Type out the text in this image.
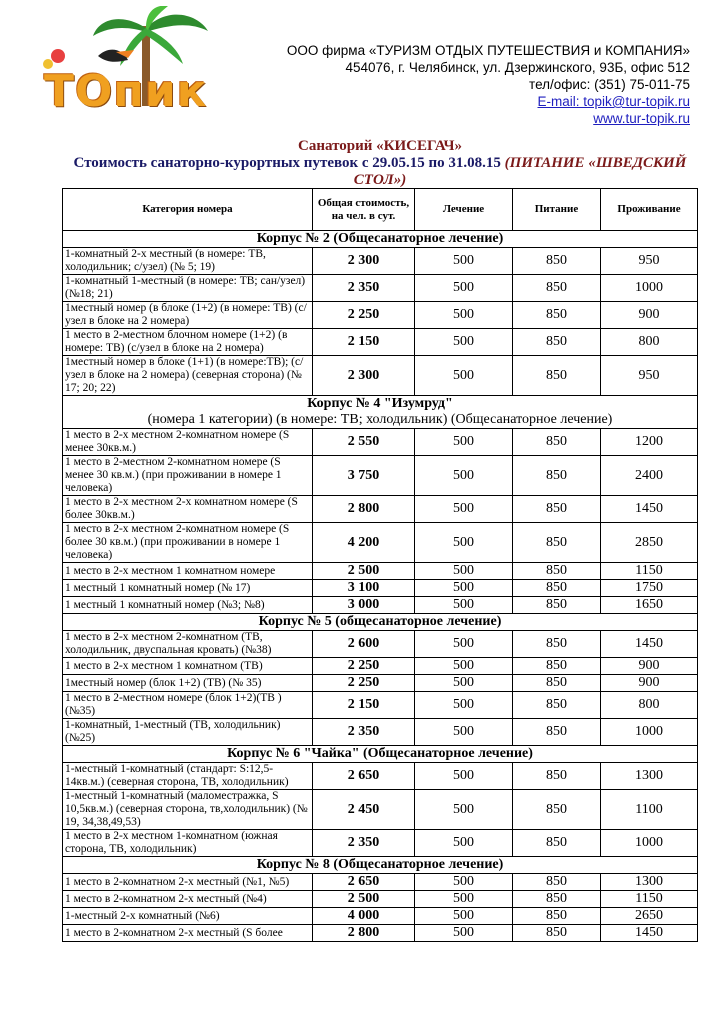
ТОпик
ООО фирма «ТУРИЗМ ОТДЫХ ПУТЕШЕСТВИЯ и КОМПАНИЯ»
454076, г. Челябинск, ул. Дзержинского, 93Б, офис 512
тел/офис: (351) 75-011-75
E-mail: topik@tur-topik.ru
www.tur-topik.ru
Санаторий «КИСЕГАЧ»
Стоимость санаторно-курортных путевок с 29.05.15 по 31.08.15 (ПИТАНИЕ «ШВЕДСКИЙ СТОЛ»)
Категория номера	Общая стоимость, на чел. в сут.	Лечение	Питание	Проживание
Корпус № 2 (Общесанаторное лечение)				
1-комнатный 2-х местный (в номере: ТВ, холодильник; с/узел) (№ 5; 19)	2 300	500	850	950
1-комнатный 1-местный (в номере: ТВ; сан/узел) (№18; 21)	2 350	500	850	1000
1местный номер (в блоке (1+2) (в номере: ТВ) (с/узел в блоке на 2 номера)	2 250	500	850	900
1 место в 2-местном блочном номере (1+2) (в номере: ТВ) (с/узел в блоке на 2 номера)	2 150	500	850	800
1местный номер в блоке (1+1) (в номере:ТВ); (с/узел в блоке на 2 номера) (северная сторона) (№ 17; 20; 22)	2 300	500	850	950
Корпус № 4 "Изумруд"
(номера 1 категории) (в номере: ТВ; холодильник) (Общесанаторное лечение)				

1 место в 2-х местном 2-комнатном номере (S менее 30кв.м.)	2 550	500	850	1200
1 место в 2-местном 2-комнатном номере (S менее 30 кв.м.) (при проживании в номере 1 человека)	3 750	500	850	2400
1 место в 2-х местном 2-х комнатном номере (S более 30кв.м.)	2 800	500	850	1450
1 место в 2-х местном 2-комнатном номере (S более 30 кв.м.) (при проживании в номере 1 человека)	4 200	500	850	2850
1 место в 2-х местном 1 комнатном номере	2 500	500	850	1150
1 местный 1 комнатный номер (№ 17)	3 100	500	850	1750
1 местный 1 комнатный номер (№3; №8)	3 000	500	850	1650
Корпус № 5 (общесанаторное лечение)				
1 место в 2-х местном 2-комнатном (ТВ, холодильник, двуспальная кровать) (№38)	2 600	500	850	1450
1 место в 2-х местном 1 комнатном (ТВ)	2 250	500	850	900
1местный номер (блок 1+2) (ТВ) (№ 35)	2 250	500	850	900
1 место в 2-местном номере (блок 1+2)(ТВ ) (№35)	2 150	500	850	800
1-комнатный, 1-местный (ТВ, холодильник) (№25)	2 350	500	850	1000
Корпус № 6 "Чайка" (Общесанаторное лечение)				
1-местный 1-комнатный (стандарт: S:12,5-14кв.м.) (северная сторона, ТВ, холодильник)	2 650	500	850	1300
1-местный 1-комнатный (маломестражка, S 10,5кв.м.) (северная сторона, тв,холодильник) (№ 19, 34,38,49,53)	2 450	500	850	1100
1 место в 2-х местном 1-комнатном (южная сторона, ТВ, холодильник)	2 350	500	850	1000
Корпус № 8 (Общесанаторное лечение)				
1 место в 2-комнатном 2-х местный (№1, №5)	2 650	500	850	1300
1 место в 2-комнатном 2-х местный (№4)	2 500	500	850	1150
1-местный 2-х комнатный (№6)	4 000	500	850	2650
1 место в 2-комнатном 2-х местный (S более	2 800	500	850	1450
